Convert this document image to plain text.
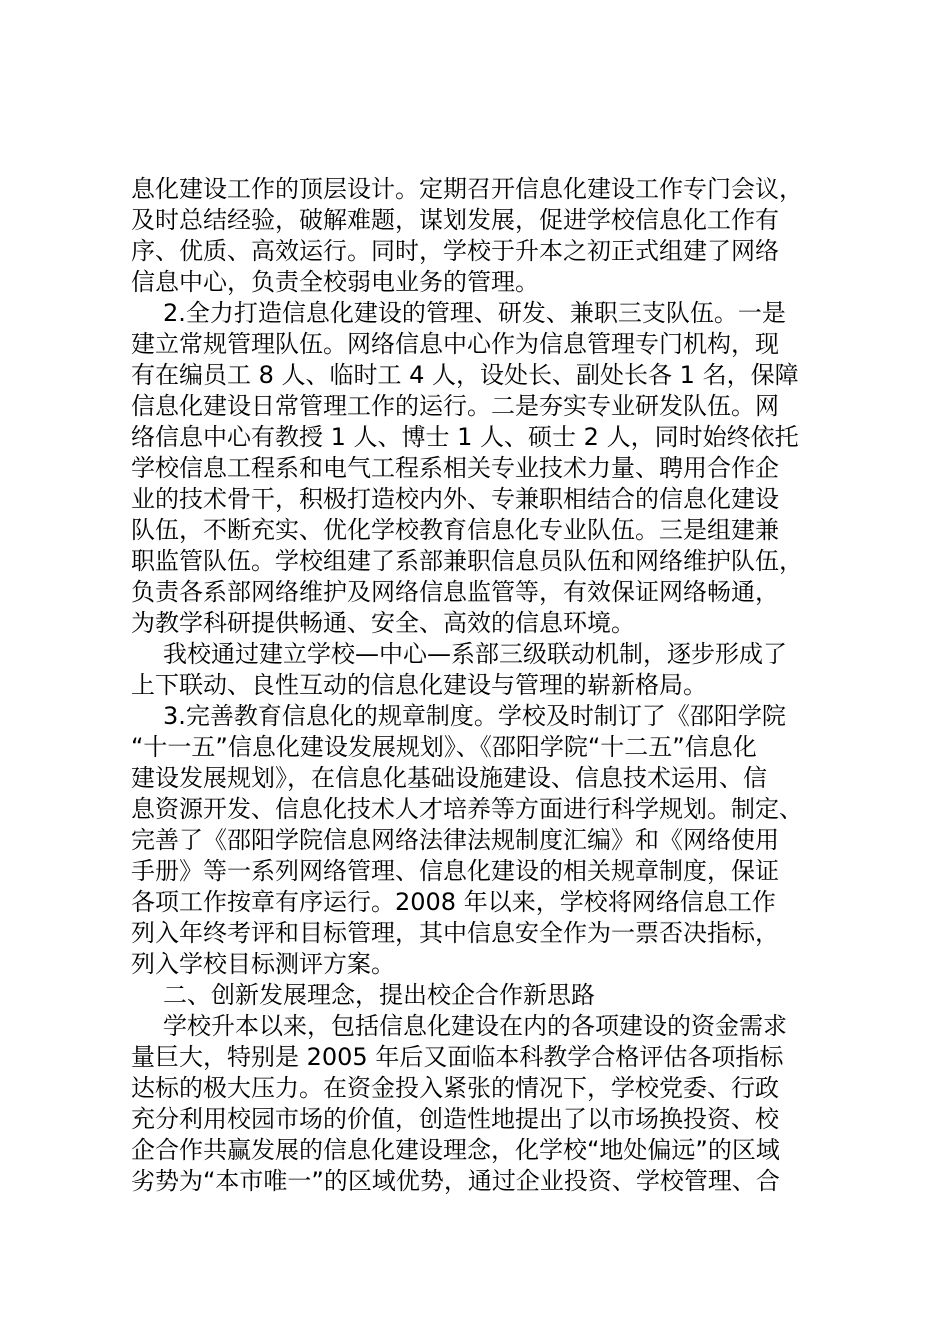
息化建设工作的顶层设计。定期召开信息化建设工作专门会议，
及时总结经验，破解难题，谋划发展，促进学校信息化工作有
序、优质、高效运行。同时，学校于升本之初正式组建了网络
信息中心，负责全校弱电业务的管理。
2.全力打造信息化建设的管理、研发、兼职三支队伍。一是
建立常规管理队伍。网络信息中心作为信息管理专门机构，现
有在编员工 8 人、临时工 4 人，设处长、副处长各 1 名，保障
信息化建设日常管理工作的运行。二是夯实专业研发队伍。网
络信息中心有教授 1 人、博士 1 人、硕士 2 人，同时始终依托
学校信息工程系和电气工程系相关专业技术力量、聘用合作企
业的技术骨干，积极打造校内外、专兼职相结合的信息化建设
队伍，不断充实、优化学校教育信息化专业队伍。三是组建兼
职监管队伍。学校组建了系部兼职信息员队伍和网络维护队伍，
负责各系部网络维护及网络信息监管等，有效保证网络畅通，
为教学科研提供畅通、安全、高效的信息环境。
我校通过建立学校—中心—系部三级联动机制，逐步形成了
上下联动、良性互动的信息化建设与管理的崭新格局。
3.完善教育信息化的规章制度。学校及时制订了《邵阳学院
“十一五”信息化建设发展规划》、《邵阳学院“十二五”信息化
建设发展规划》，在信息化基础设施建设、信息技术运用、信
息资源开发、信息化技术人才培养等方面进行科学规划。制定、
完善了《邵阳学院信息网络法律法规制度汇编》和《网络使用
手册》等一系列网络管理、信息化建设的相关规章制度，保证
各项工作按章有序运行。2008 年以来，学校将网络信息工作
列入年终考评和目标管理，其中信息安全作为一票否决指标，
列入学校目标测评方案。
二、创新发展理念，提出校企合作新思路
学校升本以来，包括信息化建设在内的各项建设的资金需求
量巨大，特别是 2005 年后又面临本科教学合格评估各项指标
达标的极大压力。在资金投入紧张的情况下，学校党委、行政
充分利用校园市场的价值，创造性地提出了以市场换投资、校
企合作共赢发展的信息化建设理念，化学校“地处偏远”的区域
劣势为“本市唯一”的区域优势，通过企业投资、学校管理、合
